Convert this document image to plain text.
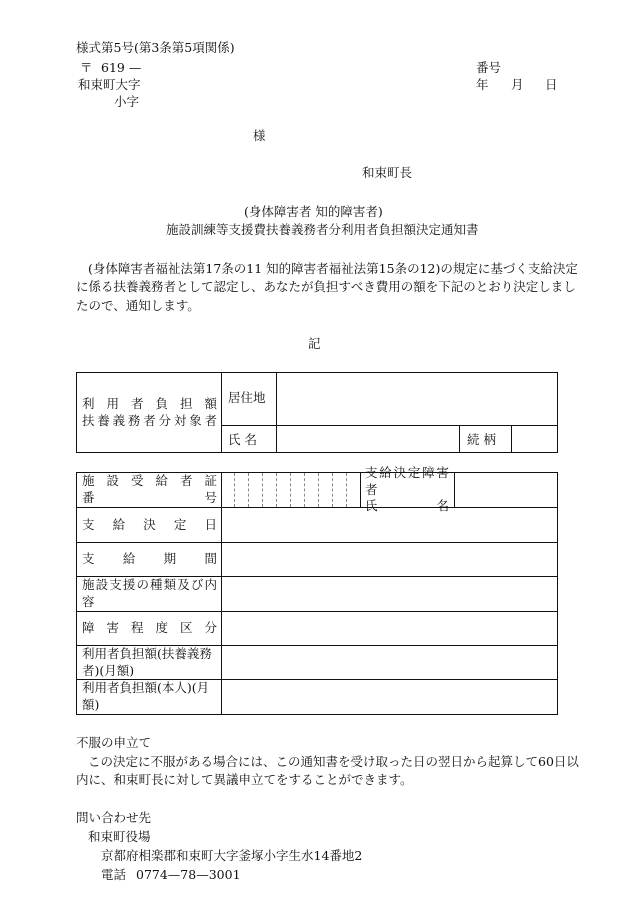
様式第5号(第3条第5項関係)
〒 619 —
和束町大字
小字
番号
年 月 日
様
和束町長
(身体障害者 知的障害者)
施設訓練等支援費扶養義務者分利用者負担額決定通知書
(身体障害者福祉法第17条の11 知的障害者福祉法第15条の12)の規定に基づく支給決定
に係る扶養義務者として認定し、あなたが負担すべき費用の額を下記のとおり決定しまし
たので、通知します。
記
利用者負担額
扶養義務者分対象者
居住地
氏 名	続 柄
施設受給者証
番号
支給決定障害者
氏名
支給決定日
支給期間
施設支援の種類及び内容
障害程度区分
利用者負担額(扶養義務者)(月額)
利用者負担額(本人)(月額)
不服の申立て
この決定に不服がある場合には、この通知書を受け取った日の翌日から起算して60日以
内に、和束町長に対して異議申立てをすることができます。
問い合わせ先
和束町役場
京都府相楽郡和束町大字釜塚小字生水14番地2
電話 0774—78—3001
